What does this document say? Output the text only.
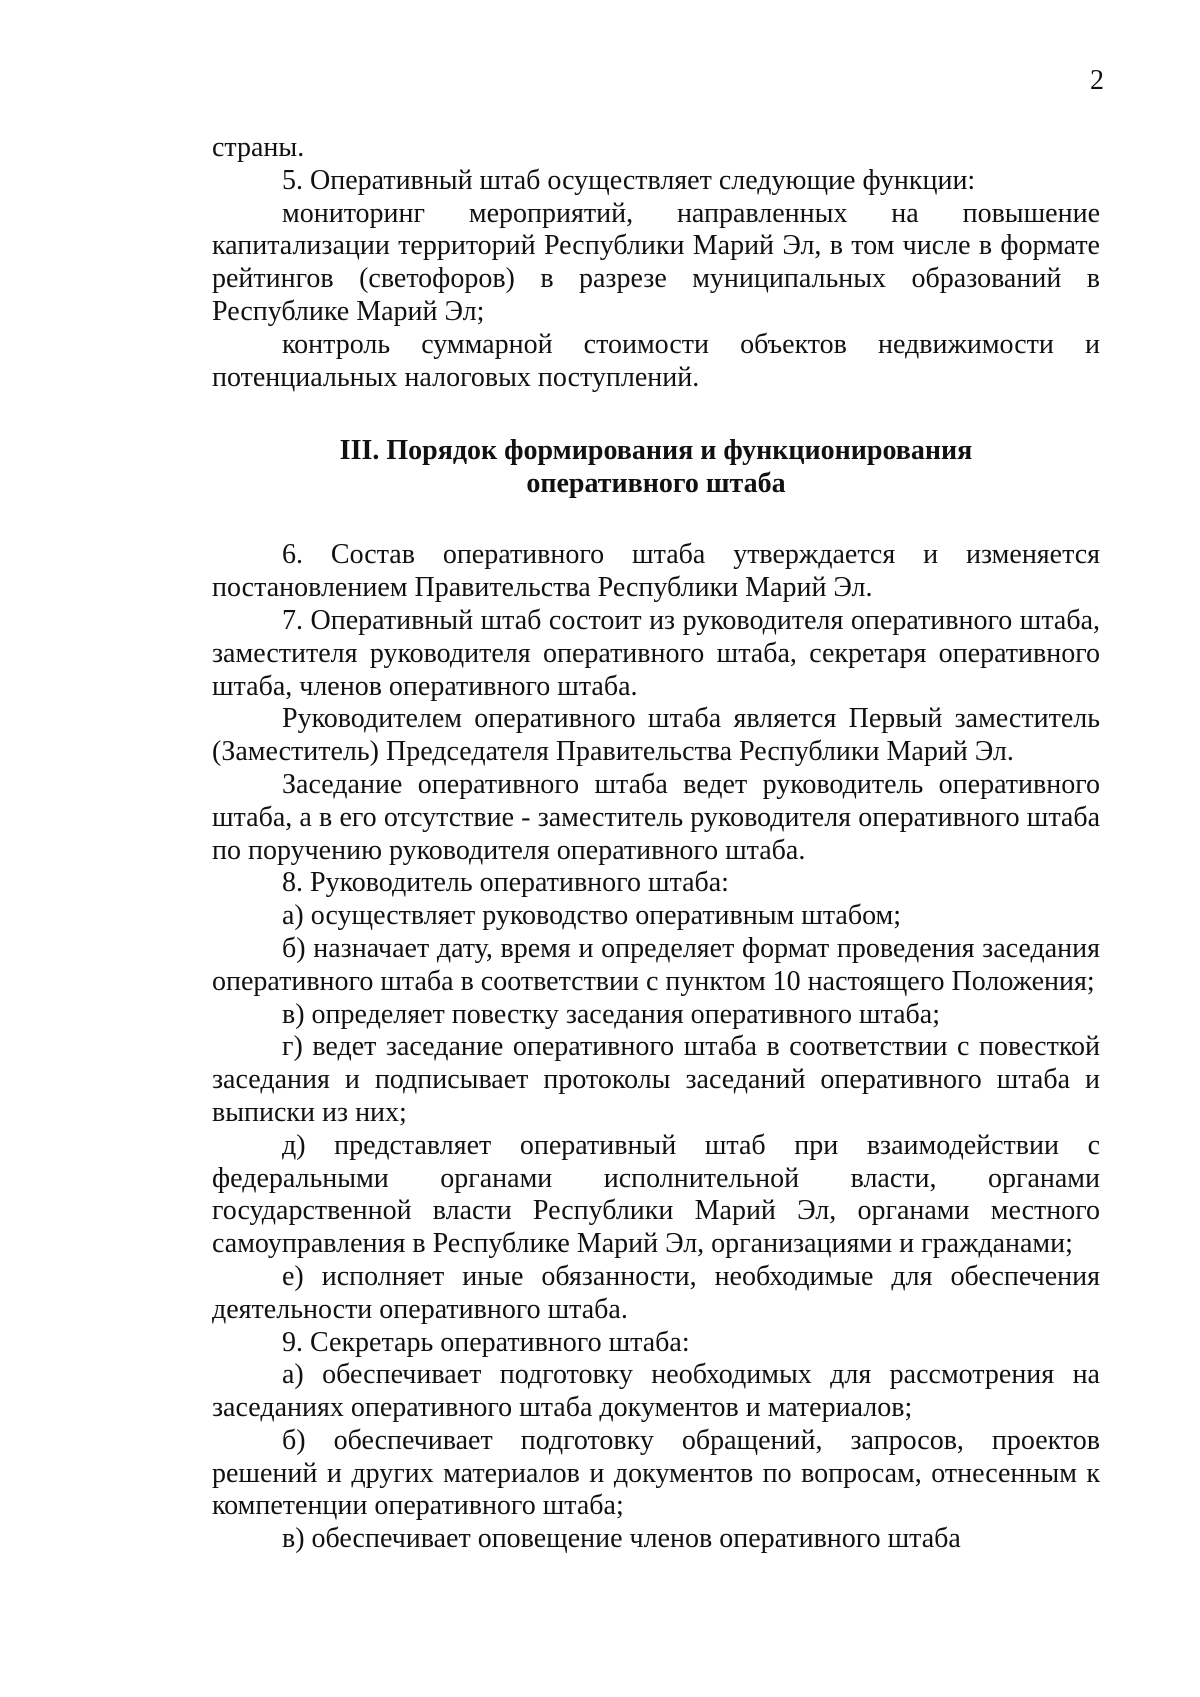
2

страны.

5. Оперативный штаб осуществляет следующие функции:

мониторинг мероприятий, направленных на повышение капитализации территорий Республики Марий Эл, в том числе в формате рейтингов (светофоров) в разрезе муниципальных образований в Республике Марий Эл;

контроль суммарной стоимости объектов недвижимости и потенциальных налоговых поступлений.

III. Порядок формирования и функционирования
оперативного штаба

6. Состав оперативного штаба утверждается и изменяется постановлением Правительства Республики Марий Эл.

7. Оперативный штаб состоит из руководителя оперативного штаба, заместителя руководителя оперативного штаба, секретаря оперативного штаба, членов оперативного штаба.

Руководителем оперативного штаба является Первый заместитель (Заместитель) Председателя Правительства Республики Марий Эл.

Заседание оперативного штаба ведет руководитель оперативного штаба, а в его отсутствие - заместитель руководителя оперативного штаба по поручению руководителя оперативного штаба.

8. Руководитель оперативного штаба:

а) осуществляет руководство оперативным штабом;

б) назначает дату, время и определяет формат проведения заседания оперативного штаба в соответствии с пунктом 10 настоящего Положения;

в) определяет повестку заседания оперативного штаба;

г) ведет заседание оперативного штаба в соответствии с повесткой заседания и подписывает протоколы заседаний оперативного штаба и выписки из них;

д) представляет оперативный штаб при взаимодействии с федеральными органами исполнительной власти, органами государственной власти Республики Марий Эл, органами местного самоуправления в Республике Марий Эл, организациями и гражданами;

е) исполняет иные обязанности, необходимые для обеспечения деятельности оперативного штаба.

9. Секретарь оперативного штаба:

а) обеспечивает подготовку необходимых для рассмотрения на заседаниях оперативного штаба документов и материалов;

б) обеспечивает подготовку обращений, запросов, проектов решений и других материалов и документов по вопросам, отнесенным к компетенции оперативного штаба;

в) обеспечивает оповещение членов оперативного штаба
